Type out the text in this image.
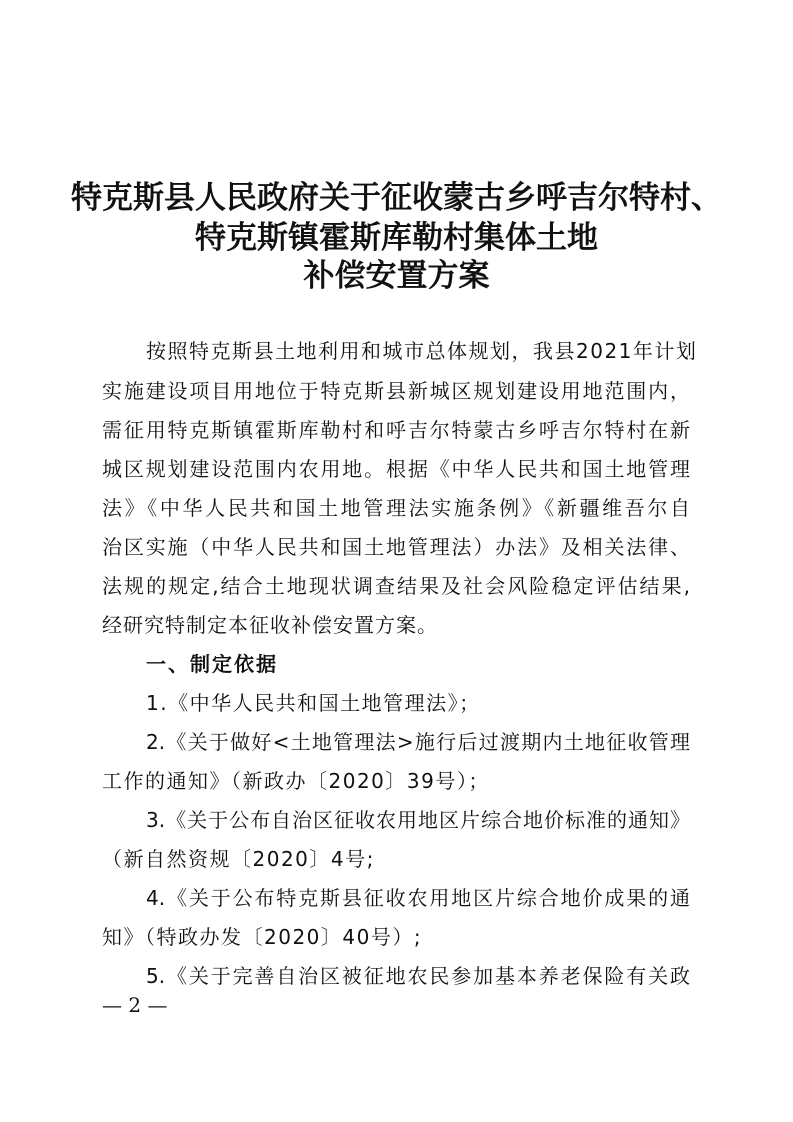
特克斯县人民政府关于征收蒙古乡呼吉尔特村、
特克斯镇霍斯库勒村集体土地
补偿安置方案
按照特克斯县土地利用和城市总体规划，我县2021年计划
实施建设项目用地位于特克斯县新城区规划建设用地范围内，
需征用特克斯镇霍斯库勒村和呼吉尔特蒙古乡呼吉尔特村在新
城区规划建设范围内农用地。根据《中华人民共和国土地管理
法》《中华人民共和国土地管理法实施条例》《新疆维吾尔自
治区实施（中华人民共和国土地管理法）办法》及相关法律、
法规的规定,结合土地现状调查结果及社会风险稳定评估结果,
经研究特制定本征收补偿安置方案。
一、制定依据
1.《中华人民共和国土地管理法》；
2.《关于做好<土地管理法>施行后过渡期内土地征收管理
工作的通知》（新政办〔2020〕39号）；
3.《关于公布自治区征收农用地区片综合地价标准的通知》
（新自然资规〔2020〕4号;
4.《关于公布特克斯县征收农用地区片综合地价成果的通
知》（特政办发〔2020〕40号）;
5.《关于完善自治区被征地农民参加基本养老保险有关政
— 2 —
